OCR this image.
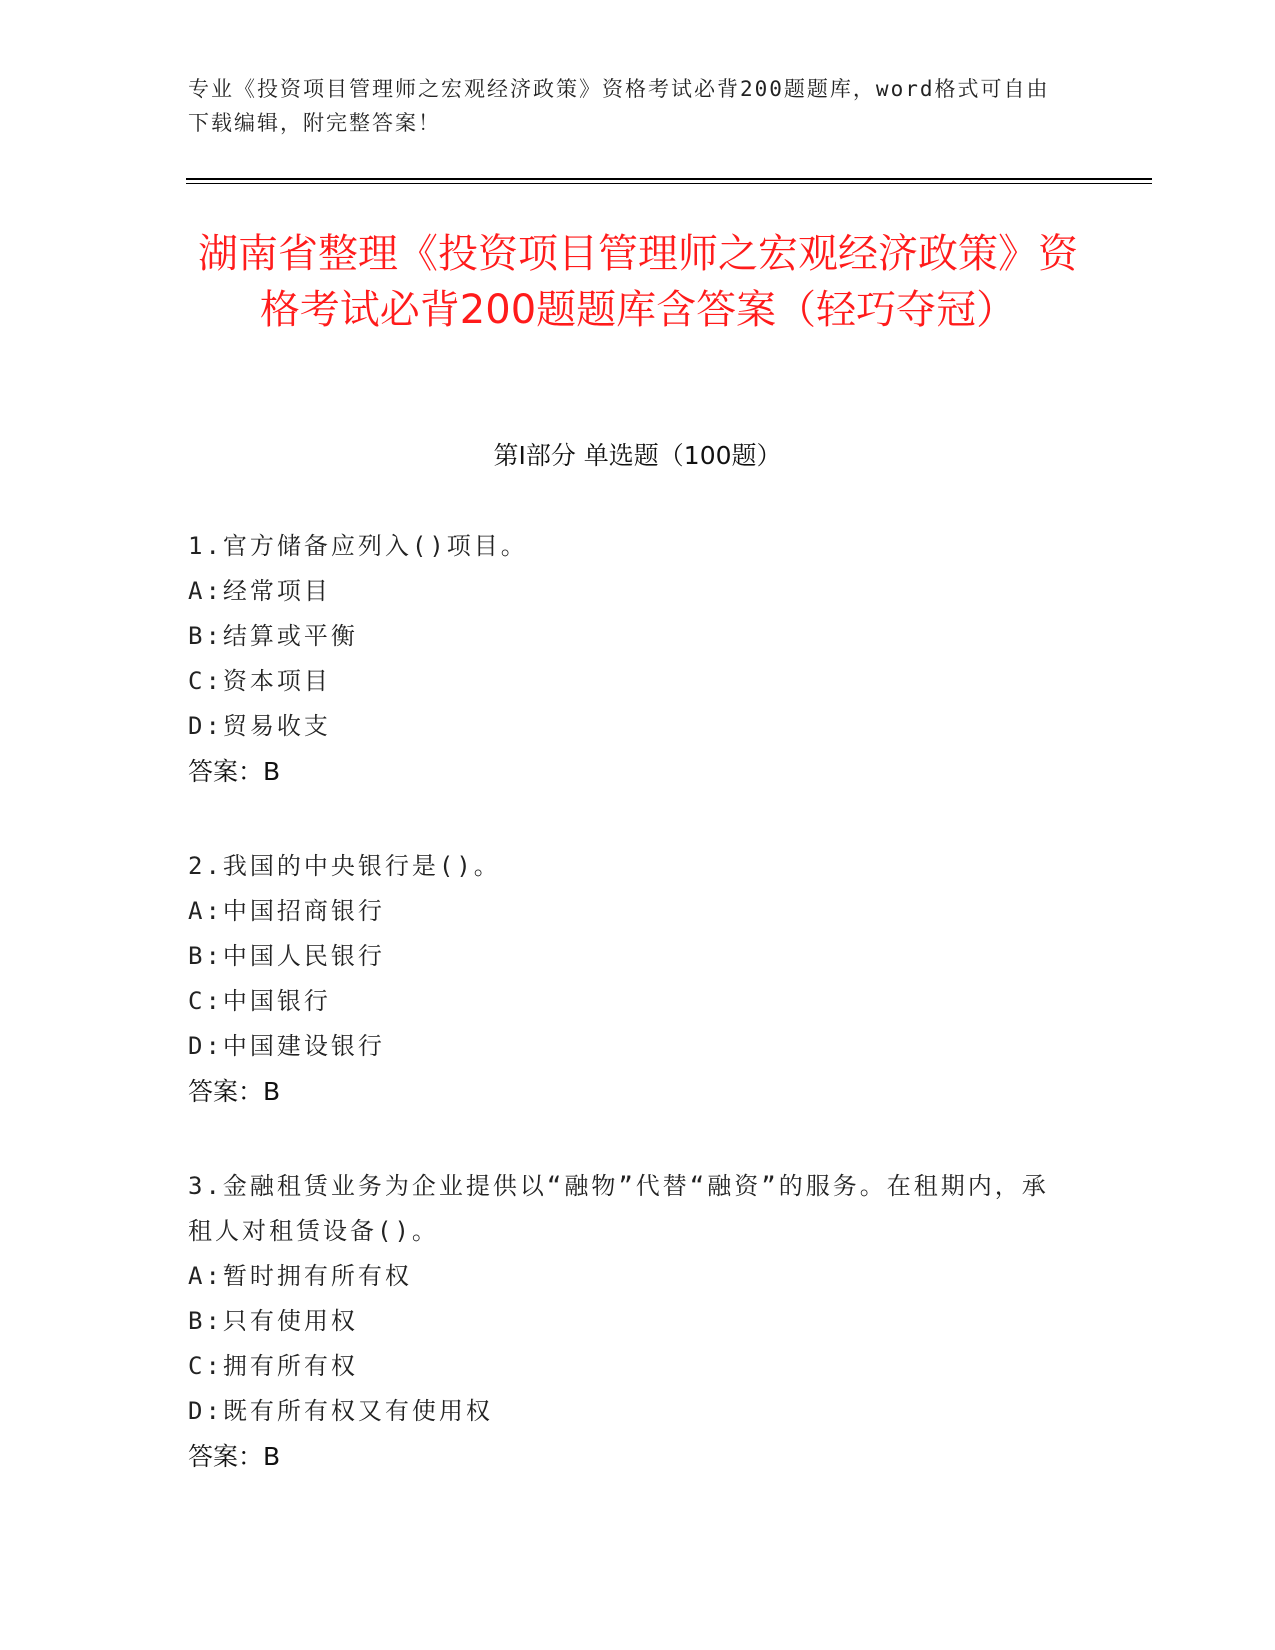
专业《投资项目管理师之宏观经济政策》资格考试必背200题题库，word格式可自由下载编辑，附完整答案！
湖南省整理《投资项目管理师之宏观经济政策》资格考试必背200题题库含答案（轻巧夺冠）
第Ⅰ部分 单选题（100题）
1.官方储备应列入()项目。
A:经常项目
B:结算或平衡
C:资本项目
D:贸易收支
答案：B
2.我国的中央银行是()。
A:中国招商银行
B:中国人民银行
C:中国银行
D:中国建设银行
答案：B
3.金融租赁业务为企业提供以“融物”代替“融资”的服务。在租期内，承租人对租赁设备()。
A:暂时拥有所有权
B:只有使用权
C:拥有所有权
D:既有所有权又有使用权
答案：B
